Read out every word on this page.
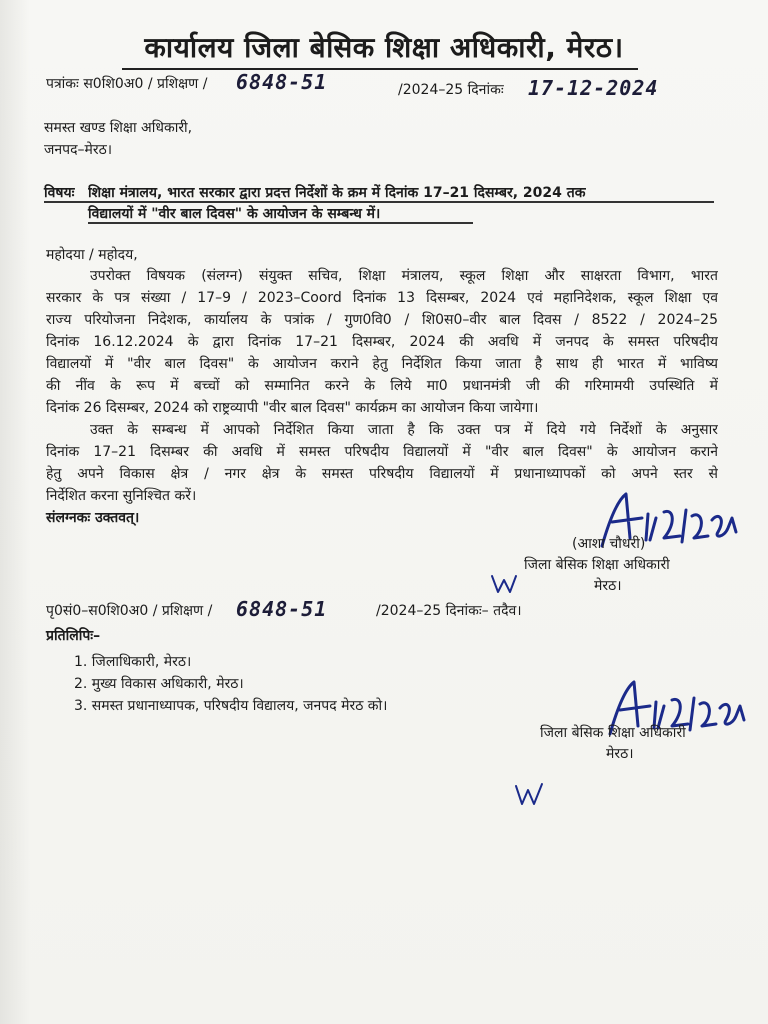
कार्यालय जिला बेसिक शिक्षा अधिकारी, मेरठ।
पत्रांकः स0शि0अ0 / प्रशिक्षण / 6848-51	/2024–25 दिनांकः 17-12-2024
समस्त खण्ड शिक्षा अधिकारी,
जनपद–मेरठ।
विषयः शिक्षा मंत्रालय, भारत सरकार द्वारा प्रदत्त निर्देशों के क्रम में दिनांक 17–21 दिसम्बर, 2024 तक
विद्यालयों में "वीर बाल दिवस" के आयोजन के सम्बन्ध में।
महोदया / महोदय,
उपरोक्त विषयक (संलग्न) संयुक्त सचिव, शिक्षा मंत्रालय, स्कूल शिक्षा और साक्षरता विभाग, भारत
सरकार के पत्र संख्या / 17–9 / 2023–Coord दिनांक 13 दिसम्बर, 2024 एवं महानिदेशक, स्कूल शिक्षा एव
राज्य परियोजना निदेशक, कार्यालय के पत्रांक / गुण0वि0 / शि0स0–वीर बाल दिवस / 8522 / 2024–25
दिनांक 16.12.2024 के द्वारा दिनांक 17–21 दिसम्बर, 2024 की अवधि में जनपद के समस्त परिषदीय
विद्यालयों में "वीर बाल दिवस" के आयोजन कराने हेतु निर्देशित किया जाता है साथ ही भारत में भाविष्य
की नींव के रूप में बच्चों को सम्मानित करने के लिये मा0 प्रधानमंत्री जी की गरिमामयी उपस्थिति में
दिनांक 26 दिसम्बर, 2024 को राष्ट्रव्यापी "वीर बाल दिवस" कार्यक्रम का आयोजन किया जायेगा।
उक्त के सम्बन्ध में आपको निर्देशित किया जाता है कि उक्त पत्र में दिये गये निर्देशों के अनुसार
दिनांक 17–21 दिसम्बर की अवधि में समस्त परिषदीय विद्यालयों में "वीर बाल दिवस" के आयोजन कराने
हेतु अपने विकास क्षेत्र / नगर क्षेत्र के समस्त परिषदीय विद्यालयों में प्रधानाध्यापकों को अपने स्तर से
निर्देशित करना सुनिश्चित करें।
संलग्नकः उक्तवत्।
(आशा चौधरी)
जिला बेसिक शिक्षा अधिकारी
मेरठ।
पृ0सं0–स0शि0अ0 / प्रशिक्षण / 6848-51	/2024–25 दिनांकः– तदैव।
प्रतिलिपिः–
1. जिलाधिकारी, मेरठ।
2. मुख्य विकास अधिकारी, मेरठ।
3. समस्त प्रधानाध्यापक, परिषदीय विद्यालय, जनपद मेरठ को।
जिला बेसिक शिक्षा अधिकारी
मेरठ।
